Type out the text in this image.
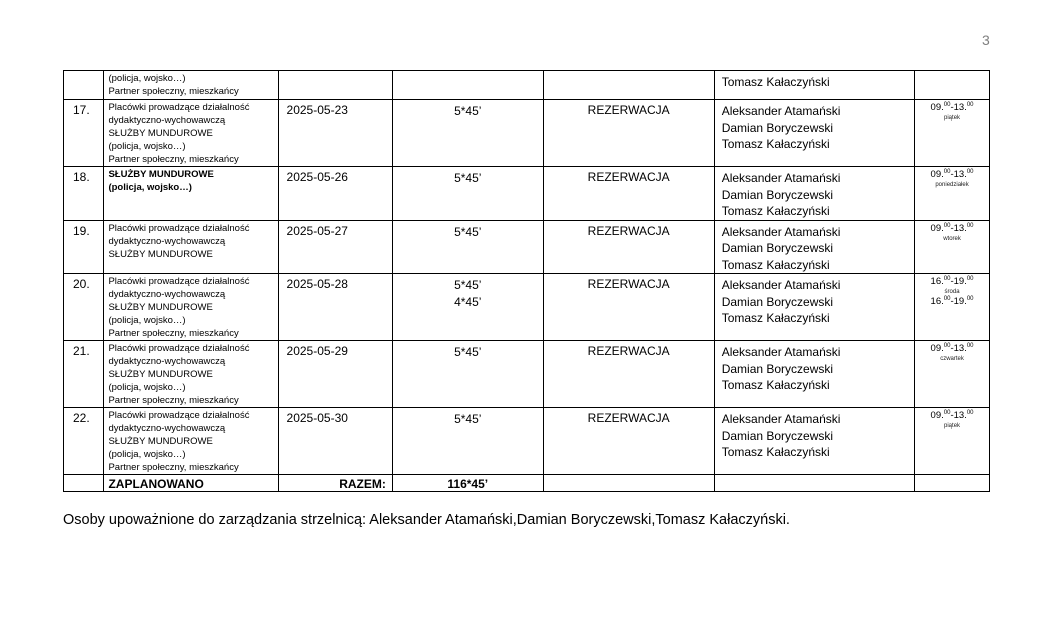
3

	(policja, wojsko…)
Partner społeczny, mieszkańcy				Tomasz Kałaczyński	

17.	Placówki prowadzące działalność
dydaktyczno-wychowawczą
SŁUŻBY MUNDUROWE
(policja, wojsko…)
Partner społeczny, mieszkańcy	2025-05-23	5*45’	REZERWACJA	Aleksander Atamański
Damian Boryczewski
Tomasz Kałaczyński	09.00-13.00
piątek

18.	SŁUŻBY MUNDUROWE
(policja, wojsko…)	2025-05-26	5*45’	REZERWACJA	Aleksander Atamański
Damian Boryczewski
Tomasz Kałaczyński	09.00-13.00
poniedziałek

19.	Placówki prowadzące działalność
dydaktyczno-wychowawczą
SŁUŻBY MUNDUROWE	2025-05-27	5*45’	REZERWACJA	Aleksander Atamański
Damian Boryczewski
Tomasz Kałaczyński	09.00-13.00
wtorek

20.	Placówki prowadzące działalność
dydaktyczno-wychowawczą
SŁUŻBY MUNDUROWE
(policja, wojsko…)
Partner społeczny, mieszkańcy	2025-05-28	5*45’
4*45’	REZERWACJA	Aleksander Atamański
Damian Boryczewski
Tomasz Kałaczyński	16.00-19.00
środa
16.00-19.00

21.	Placówki prowadzące działalność
dydaktyczno-wychowawczą
SŁUŻBY MUNDUROWE
(policja, wojsko…)
Partner społeczny, mieszkańcy	2025-05-29	5*45’	REZERWACJA	Aleksander Atamański
Damian Boryczewski
Tomasz Kałaczyński	09.00-13.00
czwartek

22.	Placówki prowadzące działalność
dydaktyczno-wychowawczą
SŁUŻBY MUNDUROWE
(policja, wojsko…)
Partner społeczny, mieszkańcy	2025-05-30	5*45’	REZERWACJA	Aleksander Atamański
Damian Boryczewski
Tomasz Kałaczyński	09.00-13.00
piątek

	ZAPLANOWANO	RAZEM:	116*45’			
Osoby upoważnione do zarządzania strzelnicą: Aleksander Atamański,Damian Boryczewski,Tomasz Kałaczyński.
